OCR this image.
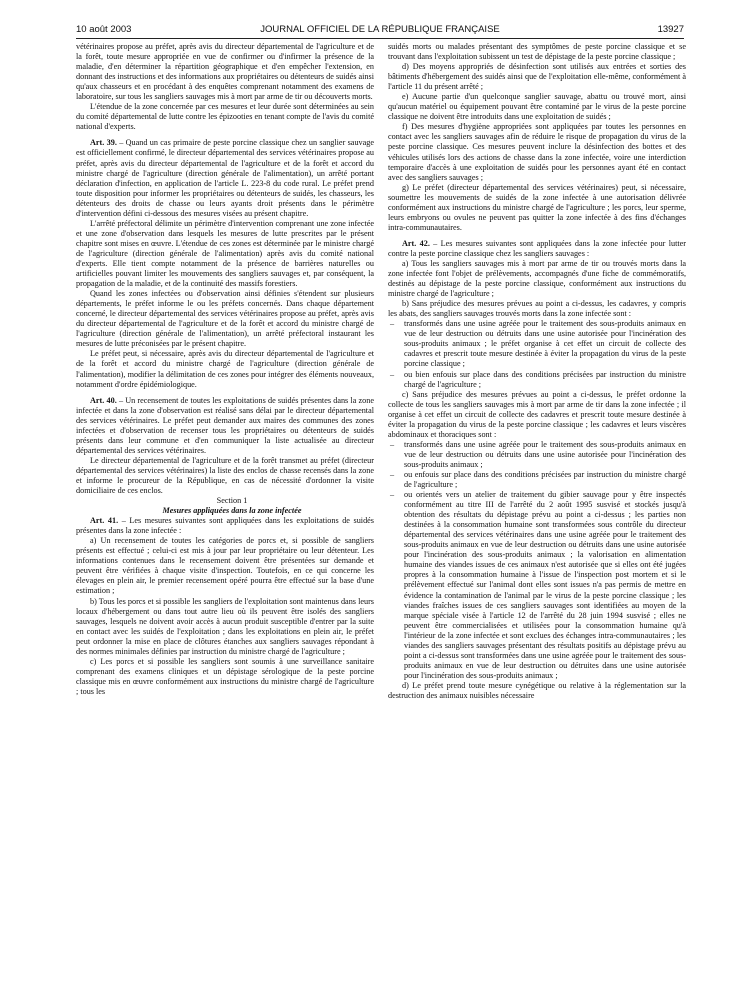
10 août 2003	JOURNAL OFFICIEL DE LA RÉPUBLIQUE FRANÇAISE	13927

vétérinaires propose au préfet, après avis du directeur départemental de l'agriculture et de la forêt, toute mesure appropriée en vue de confirmer ou d'infirmer la présence de la maladie, d'en déterminer la répartition géographique et d'en empêcher l'extension, en donnant des instructions et des informations aux propriétaires ou détenteurs de suidés ainsi qu'aux chasseurs et en procédant à des enquêtes comprenant notamment des examens de laboratoire, sur tous les sangliers sauvages mis à mort par arme de tir ou découverts morts.

L'étendue de la zone concernée par ces mesures et leur durée sont déterminées au sein du comité départemental de lutte contre les épizooties en tenant compte de l'avis du comité national d'experts.

Art. 39. – Quand un cas primaire de peste porcine classique chez un sanglier sauvage est officiellement confirmé, le directeur départemental des services vétérinaires propose au préfet, après avis du directeur départemental de l'agriculture et de la forêt et accord du ministre chargé de l'agriculture (direction générale de l'alimentation), un arrêté portant déclaration d'infection, en application de l'article L. 223-8 du code rural. Le préfet prend toute disposition pour informer les propriétaires ou détenteurs de suidés, les chasseurs, les détenteurs des droits de chasse ou leurs ayants droit présents dans le périmètre d'intervention défini ci-dessous des mesures visées au présent chapitre.

L'arrêté préfectoral délimite un périmètre d'intervention comprenant une zone infectée et une zone d'observation dans lesquels les mesures de lutte prescrites par le présent chapitre sont mises en œuvre. L'étendue de ces zones est déterminée par le ministre chargé de l'agriculture (direction générale de l'alimentation) après avis du comité national d'experts. Elle tient compte notamment de la présence de barrières naturelles ou artificielles pouvant limiter les mouvements des sangliers sauvages et, par conséquent, la propagation de la maladie, et de la continuité des massifs forestiers.

Quand les zones infectées ou d'observation ainsi définies s'étendent sur plusieurs départements, le préfet informe le ou les préfets concernés. Dans chaque département concerné, le directeur départemental des services vétérinaires propose au préfet, après avis du directeur départemental de l'agriculture et de la forêt et accord du ministre chargé de l'agriculture (direction générale de l'alimentation), un arrêté préfectoral instaurant les mesures de lutte préconisées par le présent chapitre.

Le préfet peut, si nécessaire, après avis du directeur départemental de l'agriculture et de la forêt et accord du ministre chargé de l'agriculture (direction générale de l'alimentation), modifier la délimitation de ces zones pour intégrer des éléments nouveaux, notamment d'ordre épidémiologique.

Art. 40. – Un recensement de toutes les exploitations de suidés présentes dans la zone infectée et dans la zone d'observation est réalisé sans délai par le directeur départemental des services vétérinaires. Le préfet peut demander aux maires des communes des zones infectées et d'observation de recenser tous les propriétaires ou détenteurs de suidés présents dans leur commune et d'en communiquer la liste actualisée au directeur départemental des services vétérinaires.

Le directeur départemental de l'agriculture et de la forêt transmet au préfet (directeur départemental des services vétérinaires) la liste des enclos de chasse recensés dans la zone et informe le procureur de la République, en cas de nécessité d'ordonner la visite domiciliaire de ces enclos.

Section 1

Mesures appliquées dans la zone infectée

Art. 41. – Les mesures suivantes sont appliquées dans les exploitations de suidés présentes dans la zone infectée :

a) Un recensement de toutes les catégories de porcs et, si possible de sangliers présents est effectué ; celui-ci est mis à jour par leur propriétaire ou leur détenteur. Les informations contenues dans le recensement doivent être présentées sur demande et peuvent être vérifiées à chaque visite d'inspection. Toutefois, en ce qui concerne les élevages en plein air, le premier recensement opéré pourra être effectué sur la base d'une estimation ;

b) Tous les porcs et si possible les sangliers de l'exploitation sont maintenus dans leurs locaux d'hébergement ou dans tout autre lieu où ils peuvent être isolés des sangliers sauvages, lesquels ne doivent avoir accès à aucun produit susceptible d'entrer par la suite en contact avec les suidés de l'exploitation ; dans les exploitations en plein air, le préfet peut ordonner la mise en place de clôtures étanches aux sangliers sauvages répondant à des normes minimales définies par instruction du ministre chargé de l'agriculture ;

c) Les porcs et si possible les sangliers sont soumis à une surveillance sanitaire comprenant des examens cliniques et un dépistage sérologique de la peste porcine classique mis en œuvre conformément aux instructions du ministre chargé de l'agriculture ; tous les

suidés morts ou malades présentant des symptômes de peste porcine classique et se trouvant dans l'exploitation subissent un test de dépistage de la peste porcine classique ;

d) Des moyens appropriés de désinfection sont utilisés aux entrées et sorties des bâtiments d'hébergement des suidés ainsi que de l'exploitation elle-même, conformément à l'article 11 du présent arrêté ;

e) Aucune partie d'un quelconque sanglier sauvage, abattu ou trouvé mort, ainsi qu'aucun matériel ou équipement pouvant être contaminé par le virus de la peste porcine classique ne doivent être introduits dans une exploitation de suidés ;

f) Des mesures d'hygiène appropriées sont appliquées par toutes les personnes en contact avec les sangliers sauvages afin de réduire le risque de propagation du virus de la peste porcine classique. Ces mesures peuvent inclure la désinfection des bottes et des véhicules utilisés lors des actions de chasse dans la zone infectée, voire une interdiction temporaire d'accès à une exploitation de suidés pour les personnes ayant été en contact avec des sangliers sauvages ;

g) Le préfet (directeur départemental des services vétérinaires) peut, si nécessaire, soumettre les mouvements de suidés de la zone infectée à une autorisation délivrée conformément aux instructions du ministre chargé de l'agriculture ; les porcs, leur sperme, leurs embryons ou ovules ne peuvent pas quitter la zone infectée à des fins d'échanges intra-communautaires.

Art. 42. – Les mesures suivantes sont appliquées dans la zone infectée pour lutter contre la peste porcine classique chez les sangliers sauvages :

a) Tous les sangliers sauvages mis à mort par arme de tir ou trouvés morts dans la zone infectée font l'objet de prélèvements, accompagnés d'une fiche de commémoratifs, destinés au dépistage de la peste porcine classique, conformément aux instructions du ministre chargé de l'agriculture ;

b) Sans préjudice des mesures prévues au point a ci-dessus, les cadavres, y compris les abats, des sangliers sauvages trouvés morts dans la zone infectée sont :

– transformés dans une usine agréée pour le traitement des sous-produits animaux en vue de leur destruction ou détruits dans une usine autorisée pour l'incinération des sous-produits animaux ; le préfet organise à cet effet un circuit de collecte des cadavres et prescrit toute mesure destinée à éviter la propagation du virus de la peste porcine classique ;
– ou bien enfouis sur place dans des conditions précisées par instruction du ministre chargé de l'agriculture ;

c) Sans préjudice des mesures prévues au point a ci-dessus, le préfet ordonne la collecte de tous les sangliers sauvages mis à mort par arme de tir dans la zone infectée ; il organise à cet effet un circuit de collecte des cadavres et prescrit toute mesure destinée à éviter la propagation du virus de la peste porcine classique ; les cadavres et leurs viscères abdominaux et thoraciques sont :

– transformés dans une usine agréée pour le traitement des sous-produits animaux en vue de leur destruction ou détruits dans une usine autorisée pour l'incinération des sous-produits animaux ;
– ou enfouis sur place dans des conditions précisées par instruction du ministre chargé de l'agriculture ;
– ou orientés vers un atelier de traitement du gibier sauvage pour y être inspectés conformément au titre III de l'arrêté du 2 août 1995 susvisé et stockés jusqu'à obtention des résultats du dépistage prévu au point a ci-dessus ; les parties non destinées à la consommation humaine sont transformées sous contrôle du directeur départemental des services vétérinaires dans une usine agréée pour le traitement des sous-produits animaux en vue de leur destruction ou détruits dans une usine autorisée pour l'incinération des sous-produits animaux ; la valorisation en alimentation humaine des viandes issues de ces animaux n'est autorisée que si elles ont été jugées propres à la consommation humaine à l'issue de l'inspection post mortem et si le prélèvement effectué sur l'animal dont elles sont issues n'a pas permis de mettre en évidence la contamination de l'animal par le virus de la peste porcine classique ; les viandes fraîches issues de ces sangliers sauvages sont identifiées au moyen de la marque spéciale visée à l'article 12 de l'arrêté du 28 juin 1994 susvisé ; elles ne peuvent être commercialisées et utilisées pour la consommation humaine qu'à l'intérieur de la zone infectée et sont exclues des échanges intra-communautaires ; les viandes des sangliers sauvages présentant des résultats positifs au dépistage prévu au point a ci-dessus sont transformées dans une usine agréée pour le traitement des sous-produits animaux en vue de leur destruction ou détruites dans une usine autorisée pour l'incinération des sous-produits animaux ;

d) Le préfet prend toute mesure cynégétique ou relative à la réglementation sur la destruction des animaux nuisibles nécessaire
